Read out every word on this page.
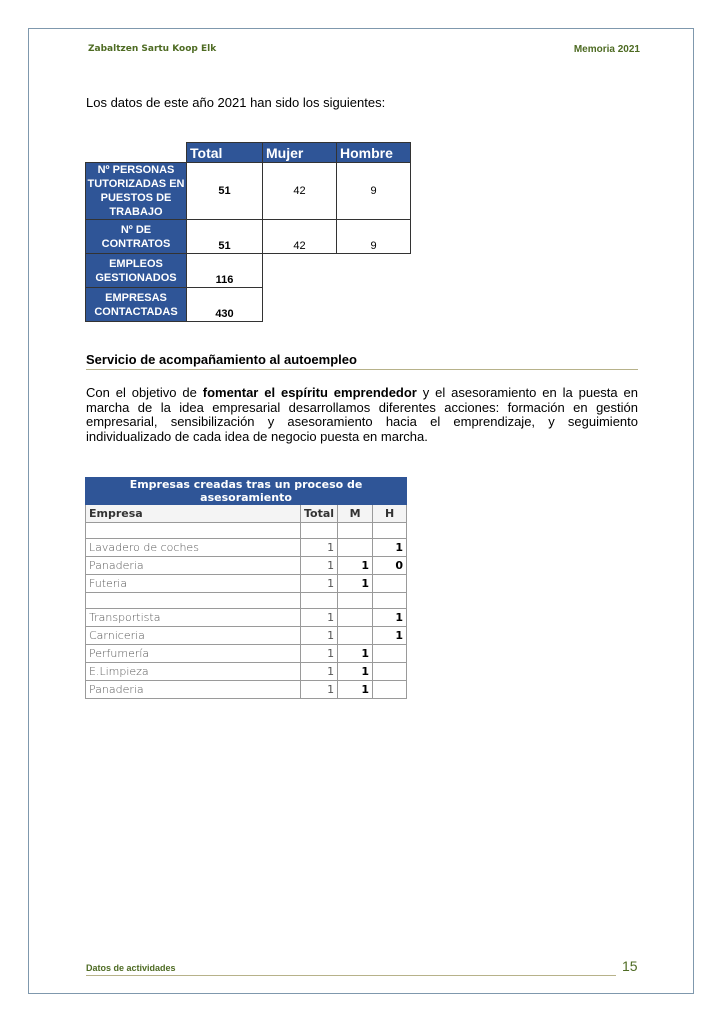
Zabaltzen Sartu Koop Elk	Memoria 2021
Los datos de este año 2021 han sido los siguientes:
	Total	Mujer	Hombre
Nº PERSONAS TUTORIZADAS EN PUESTOS DE TRABAJO	51	42	9
Nº DE CONTRATOS	51	42	9
EMPLEOS GESTIONADOS	116		
EMPRESAS CONTACTADAS	430		
Servicio de acompañamiento al autoempleo
Con el objetivo de fomentar el espíritu emprendedor y el asesoramiento en la puesta en marcha de la idea empresarial desarrollamos diferentes acciones: formación en gestión empresarial, sensibilización y asesoramiento hacia el emprendizaje, y seguimiento individualizado de cada idea de negocio puesta en marcha.
Empresas creadas tras un proceso de asesoramiento			
Empresa	Total	M	H

Lavadero de coches	1		1
Panaderia	1	1	0
Futeria	1	1	

Transportista	1		1
Carniceria	1		1
Perfumería	1	1	
E.Limpieza	1	1	
Panaderia	1	1	
Datos de actividades	15
